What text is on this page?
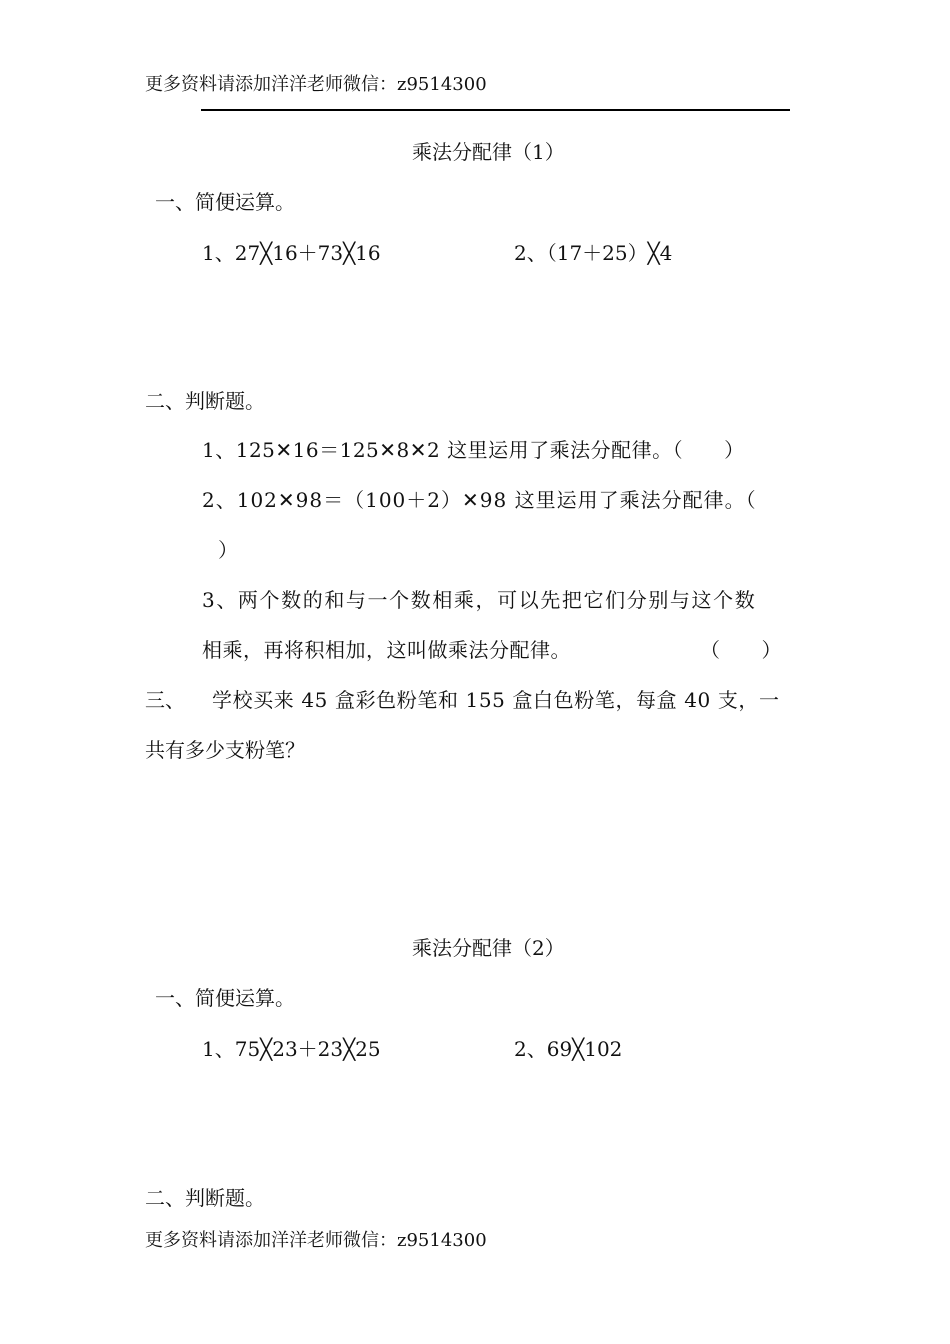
更多资料请添加洋洋老师微信：z9514300
乘法分配律（1）
一、简便运算。
1、27╳16＋73╳16	2、（17＋25）╳4
二、判断题。
1、125✕16＝125✕8✕2 这里运用了乘法分配律。（　　）
2、102✕98＝（100＋2）✕98 这里运用了乘法分配律。（
）
3、两个数的和与一个数相乘，可以先把它们分别与这个数
相乘，再将积相加，这叫做乘法分配律。	（　　）
三、 学校买来 45 盒彩色粉笔和 155 盒白色粉笔，每盒 40 支，一
共有多少支粉笔？
乘法分配律（2）
一、简便运算。
1、75╳23＋23╳25	2、69╳102
二、判断题。
更多资料请添加洋洋老师微信：z9514300
